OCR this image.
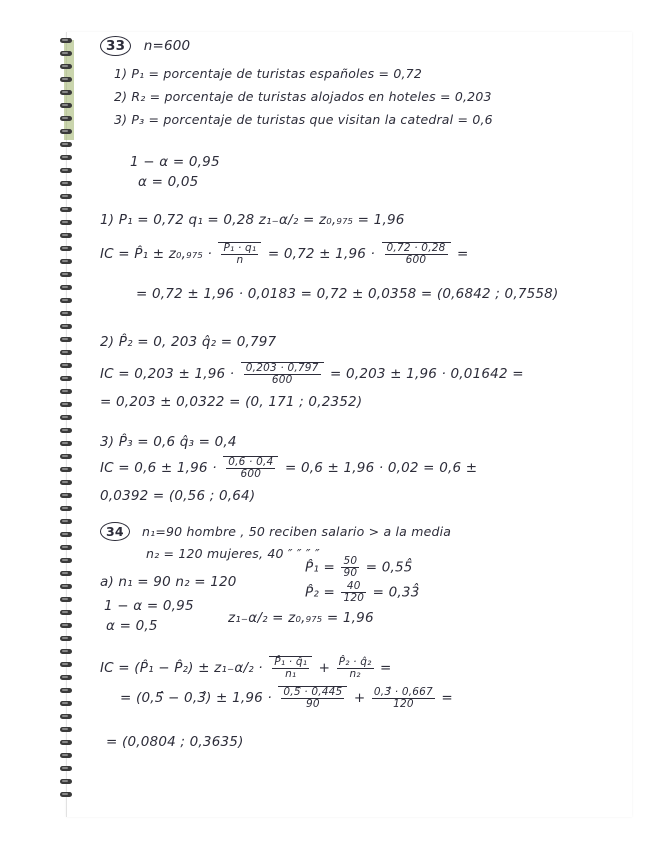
33 n=600
1) P₁ = porcentaje de turistas españoles = 0,72
2) R₂ = porcentaje de turistas alojados en hoteles = 0,203
3) P₃ = porcentaje de turistas que visitan la catedral = 0,6
1 − α = 0,95
α = 0,05
1) P₁ = 0,72 q₁ = 0,28 z₁₋α/₂ = z₀,₉₇₅ = 1,96
IC = P̂₁ ± $z_0,_{975} \cdot \frac{\text{P₁ · q₁}}{n} = 0,72 \pm 1,96 \cdot \frac{0,72 \cdot 0,28}{600}$ =
= 0,72 ± 1,96 · 0,0183 = 0,72 ± 0,0358 = (0,6842 ; 0,7558)
2) P̂₂ = 0, 203 q̂₂ = 0,797
IC = $0,203 \pm 1,96 \cdot \frac{0,203 \cdot 0,797}{600} = 0,203 \pm 1,96 \cdot 0,01642$ =
= 0,203 ± 0,0322 = (0, 171 ; 0,2352)
3) P̂₃ = 0,6 q̂₃ = 0,4
IC = $0,6 \pm 1,96 \cdot \frac{0,6 \cdot 0,4}{600} = 0,6 \pm 1,96 \cdot 0,02 = 0,6$ ±
0,0392 = (0,56 ; 0,64)
34 n₁=90 hombre , 50 reciben salario > a la media
n₂ = 120 mujeres, 40 ″ ″ ″ ″
a) n₁ = 90 n₂ = 120
P̂₁ = $\frac{50}{90}$ = 0,55̂
P̂₂ = $\frac{40}{120}$ = 0,33̂
1 − α = 0,95
α = 0,5	z₁₋α/₂ = z₀,₉₇₅ = 1,96
IC = (P̂₁ − P̂₂) ± $z_{1-}\alpha/_2 \cdot \frac{\text{P̂₁ · q̂₁}}{\text{n₁}} + \frac{\text{P̂₂ · q̂₂}}{\text{n₂}}$ =
= (0,5̂ − 0,3̂) ± $1,96 \cdot \frac{0,5̂ \cdot 0,445}{90} + \frac{0,3̂ \cdot 0,667}{120}$ =
= (0,0804 ; 0,3635)
